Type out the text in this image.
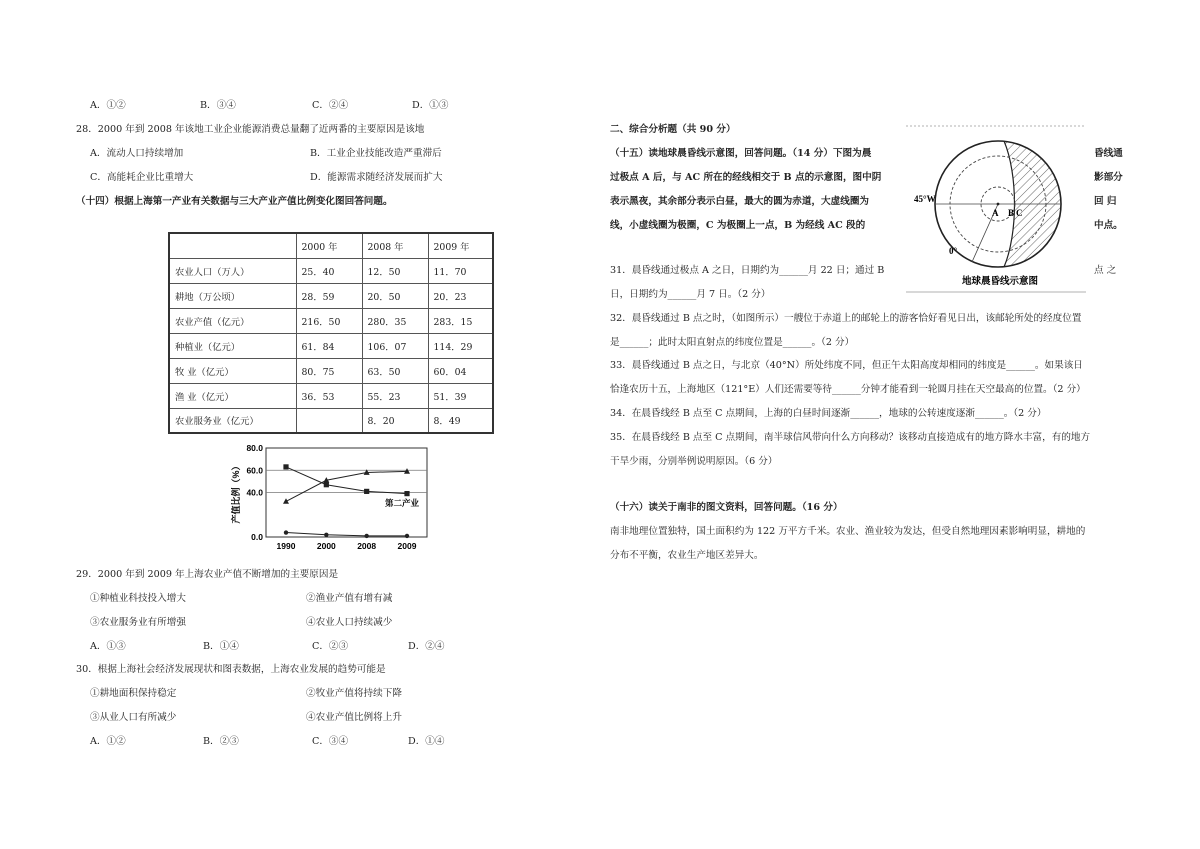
A．①②	B．③④	C．②④	D．①③
28．2000 年到 2008 年该地工业企业能源消费总量翻了近两番的主要原因是该地
A．流动人口持续增加	B．工业企业技能改造严重滞后
C．高能耗企业比重增大	D．能源需求随经济发展而扩大
（十四）根据上海第一产业有关数据与三大产业产值比例变化图回答问题。
	2000 年	2008 年	2009 年
农业人口（万人）	25．40	12．50	11．70
耕地（万公顷）	28．59	20．50	20．23
农业产值（亿元）	216．50	280．35	283．15
种植业（亿元）	61．84	106．07	114．29
牧 业（亿元）	80．75	63．50	60．04
渔 业（亿元）	36．53	55．23	51．39
农业服务业（亿元）		8．20	8．49
0.0
40.0
60.0
80.0
1990	2000	2008	2009
产值比例（%）	第二产业
29．2000 年到 2009 年上海农业产值不断增加的主要原因是
①种植业科技投入增大	②渔业产值有增有减
③农业服务业有所增强	④农业人口持续减少
A．①③	B．①④	C．②③	D．②④
30．根据上海社会经济发展现状和图表数据，上海农业发展的趋势可能是
①耕地面积保持稳定	②牧业产值将持续下降
③从业人口有所减少	④农业产值比例将上升
A．①②	B．②③	C．③④	D．①④
二、综合分析题（共 90 分）
（十五）读地球晨昏线示意图，回答问题。（14 分）下图为晨
过极点 A 后，与 AC 所在的经线相交于 B 点的示意图，图中阴
表示黑夜，其余部分表示白昼，最大的圆为赤道，大虚线圈为
线，小虚线圈为极圈，C 为极圈上一点，B 为经线 AC 段的
昏线通
影部分
回 归
中点。
45°W
0°
A B C
地球晨昏线示意图
31．晨昏线通过极点 A 之日，日期约为______月 22 日；通过 B	点 之
日，日期约为______月 7 日。（2 分）
32．晨昏线通过 B 点之时，（如图所示）一艘位于赤道上的邮轮上的游客恰好看见日出，该邮轮所处的经度位置
是______；此时太阳直射点的纬度位置是______。（2 分）
33．晨昏线通过 B 点之日，与北京（40°N）所处纬度不同，但正午太阳高度却相同的纬度是______。如果该日
恰逢农历十五，上海地区（121°E）人们还需要等待______分钟才能看到一轮圆月挂在天空最高的位置。（2 分）
34．在晨昏线经 B 点至 C 点期间，上海的白昼时间逐渐______，地球的公转速度逐渐______。（2 分）
35．在晨昏线经 B 点至 C 点期间，南半球信风带向什么方向移动？该移动直接造成有的地方降水丰富，有的地方
干旱少雨，分别举例说明原因。（6 分）
（十六）读关于南非的图文资料，回答问题。（16 分）
南非地理位置独特，国土面积约为 122 万平方千米。农业、渔业较为发达，但受自然地理因素影响明显，耕地的
分布不平衡，农业生产地区差异大。
